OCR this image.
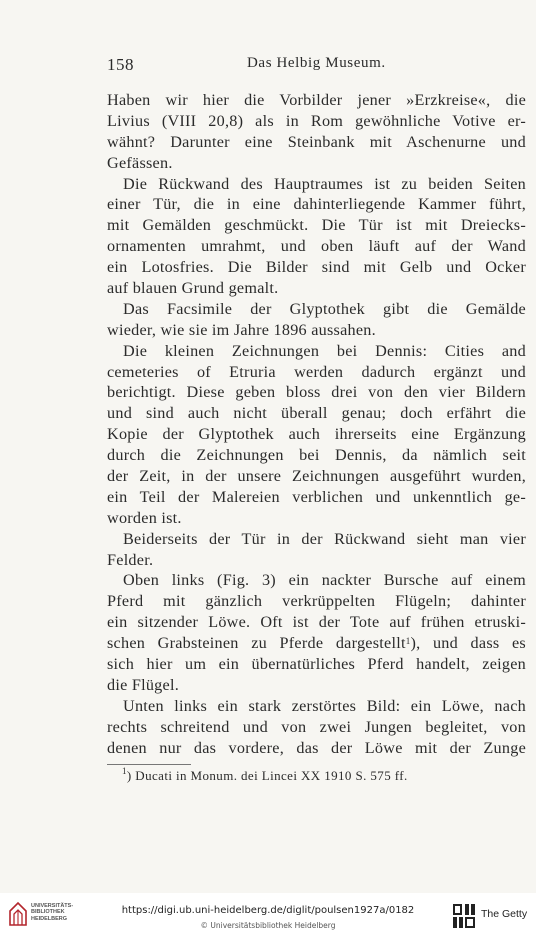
158	Das Helbig Museum.
Haben wir hier die Vorbilder jener »Erzkreise«, die
Livius (VIII 20,8) als in Rom gewöhnliche Votive er-
wähnt? Darunter eine Steinbank mit Aschenurne und
Gefässen.
Die Rückwand des Hauptraumes ist zu beiden Seiten
einer Tür, die in eine dahinterliegende Kammer führt,
mit Gemälden geschmückt. Die Tür ist mit Dreiecks-
ornamenten umrahmt, und oben läuft auf der Wand
ein Lotosfries. Die Bilder sind mit Gelb und Ocker
auf blauen Grund gemalt.
Das Facsimile der Glyptothek gibt die Gemälde
wieder, wie sie im Jahre 1896 aussahen.
Die kleinen Zeichnungen bei Dennis: Cities and
cemeteries of Etruria werden dadurch ergänzt und
berichtigt. Diese geben bloss drei von den vier Bildern
und sind auch nicht überall genau; doch erfährt die
Kopie der Glyptothek auch ihrerseits eine Ergänzung
durch die Zeichnungen bei Dennis, da nämlich seit
der Zeit, in der unsere Zeichnungen ausgeführt wurden,
ein Teil der Malereien verblichen und unkenntlich ge-
worden ist.
Beiderseits der Tür in der Rückwand sieht man vier
Felder.
Oben links (Fig. 3) ein nackter Bursche auf einem
Pferd mit gänzlich verkrüppelten Flügeln; dahinter
ein sitzender Löwe. Oft ist der Tote auf frühen etruski-
schen Grabsteinen zu Pferde dargestellt$^1$), und dass es
sich hier um ein übernatürliches Pferd handelt, zeigen
die Flügel.
Unten links ein stark zerstörtes Bild: ein Löwe, nach
rechts schreitend und von zwei Jungen begleitet, von
denen nur das vordere, das der Löwe mit der Zunge
$^1$) Ducati in Monum. dei Lincei XX 1910 S. 575 ff.
UNIVERSITÄTS-
BIBLIOTHEK
HEIDELBERG
https://digi.ub.uni-heidelberg.de/diglit/poulsen1927a/0182
© Universitätsbibliothek Heidelberg
The Getty
